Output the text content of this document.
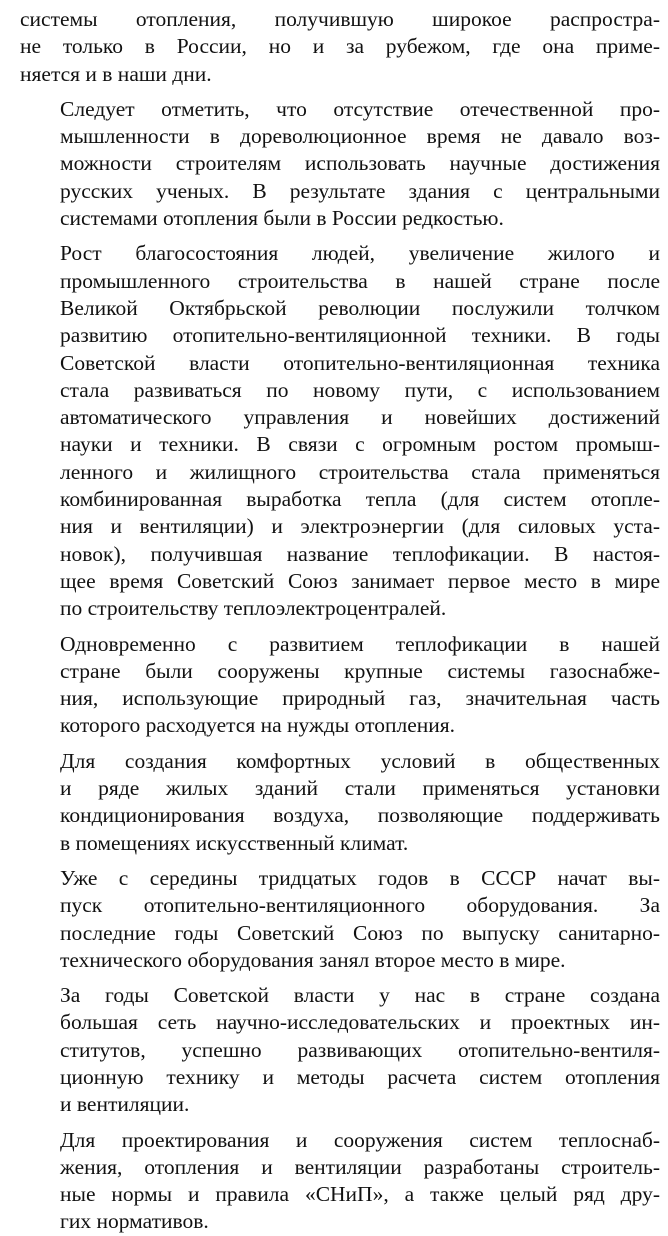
системы отопления, получившую широкое распростра-
не только в России, но и за рубежом, где она приме-
няется и в наши дни.

Следует отметить, что отсутствие отечественной про-
мышленности в дореволюционное время не давало воз-
можности строителям использовать научные достижения
русских ученых. В результате здания с центральными
системами отопления были в России редкостью.

Рост благосостояния людей, увеличение жилого и
промышленного строительства в нашей стране после
Великой Октябрьской революции послужили толчком
развитию отопительно-вентиляционной техники. В годы
Советской власти отопительно-вентиляционная техника
стала развиваться по новому пути, с использованием
автоматического управления и новейших достижений
науки и техники. В связи с огромным ростом промыш-
ленного и жилищного строительства стала применяться
комбинированная выработка тепла (для систем отопле-
ния и вентиляции) и электроэнергии (для силовых уста-
новок), получившая название теплофикации. В настоя-
щее время Советский Союз занимает первое место в мире
по строительству теплоэлектроцентралей.

Одновременно с развитием теплофикации в нашей
стране были сооружены крупные системы газоснабже-
ния, использующие природный газ, значительная часть
которого расходуется на нужды отопления.

Для создания комфортных условий в общественных
и ряде жилых зданий стали применяться установки
кондиционирования воздуха, позволяющие поддерживать
в помещениях искусственный климат.

Уже с середины тридцатых годов в СССР начат вы-
пуск отопительно-вентиляционного оборудования. За
последние годы Советский Союз по выпуску санитарно-
технического оборудования занял второе место в мире.

За годы Советской власти у нас в стране создана
большая сеть научно-исследовательских и проектных ин-
ститутов, успешно развивающих отопительно-вентиля-
ционную технику и методы расчета систем отопления
и вентиляции.

Для проектирования и сооружения систем теплоснаб-
жения, отопления и вентиляции разработаны строитель-
ные нормы и правила «СНиП», а также целый ряд дру-
гих нормативов.
